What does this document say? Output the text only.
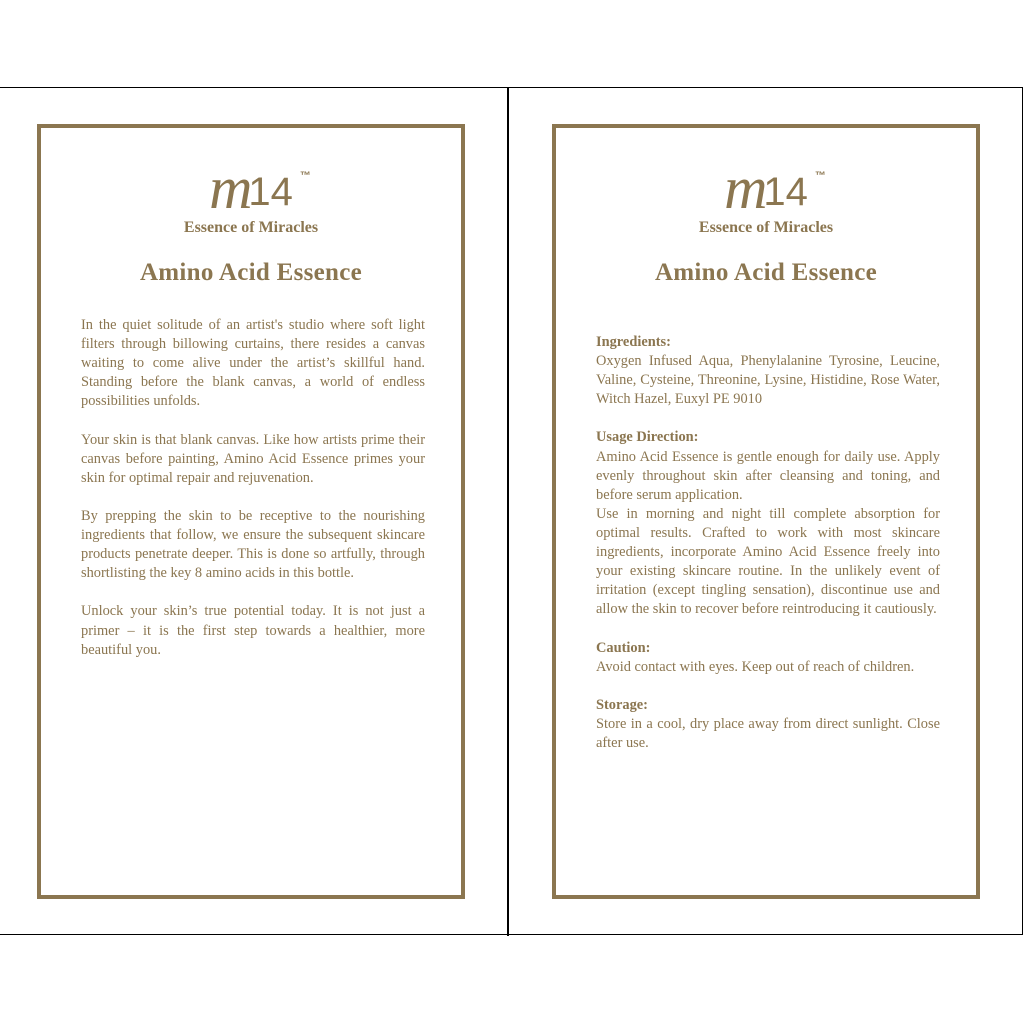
m14 ™
Essence of Miracles
Amino Acid Essence

In the quiet solitude of an artist's studio where soft light filters through billowing curtains, there resides a canvas waiting to come alive under the artist’s skillful hand. Standing before the blank canvas, a world of endless possibilities unfolds.

Your skin is that blank canvas. Like how artists prime their canvas before painting, Amino Acid Essence primes your skin for optimal repair and rejuvenation.

By prepping the skin to be receptive to the nourishing ingredients that follow, we ensure the subsequent skincare products penetrate deeper. This is done so artfully, through shortlisting the key 8 amino acids in this bottle.

Unlock your skin’s true potential today. It is not just a primer – it is the first step towards a healthier, more beautiful you.

m14 ™
Essence of Miracles
Amino Acid Essence
Ingredients:

Oxygen Infused Aqua, Phenylalanine Tyrosine, Leucine, Valine, Cysteine, Threonine, Lysine, Histidine, Rose Water, Witch Hazel, Euxyl PE 9010

Usage Direction:

Amino Acid Essence is gentle enough for daily use. Apply evenly throughout skin after cleansing and toning, and before serum application.

Use in morning and night till complete absorption for optimal results. Crafted to work with most skincare ingredients, incorporate Amino Acid Essence freely into your existing skincare routine. In the unlikely event of irritation (except tingling sensation), discontinue use and allow the skin to recover before reintroducing it cautiously.

Caution:

Avoid contact with eyes. Keep out of reach of children.

Storage:

Store in a cool, dry place away from direct sunlight. Close after use.
